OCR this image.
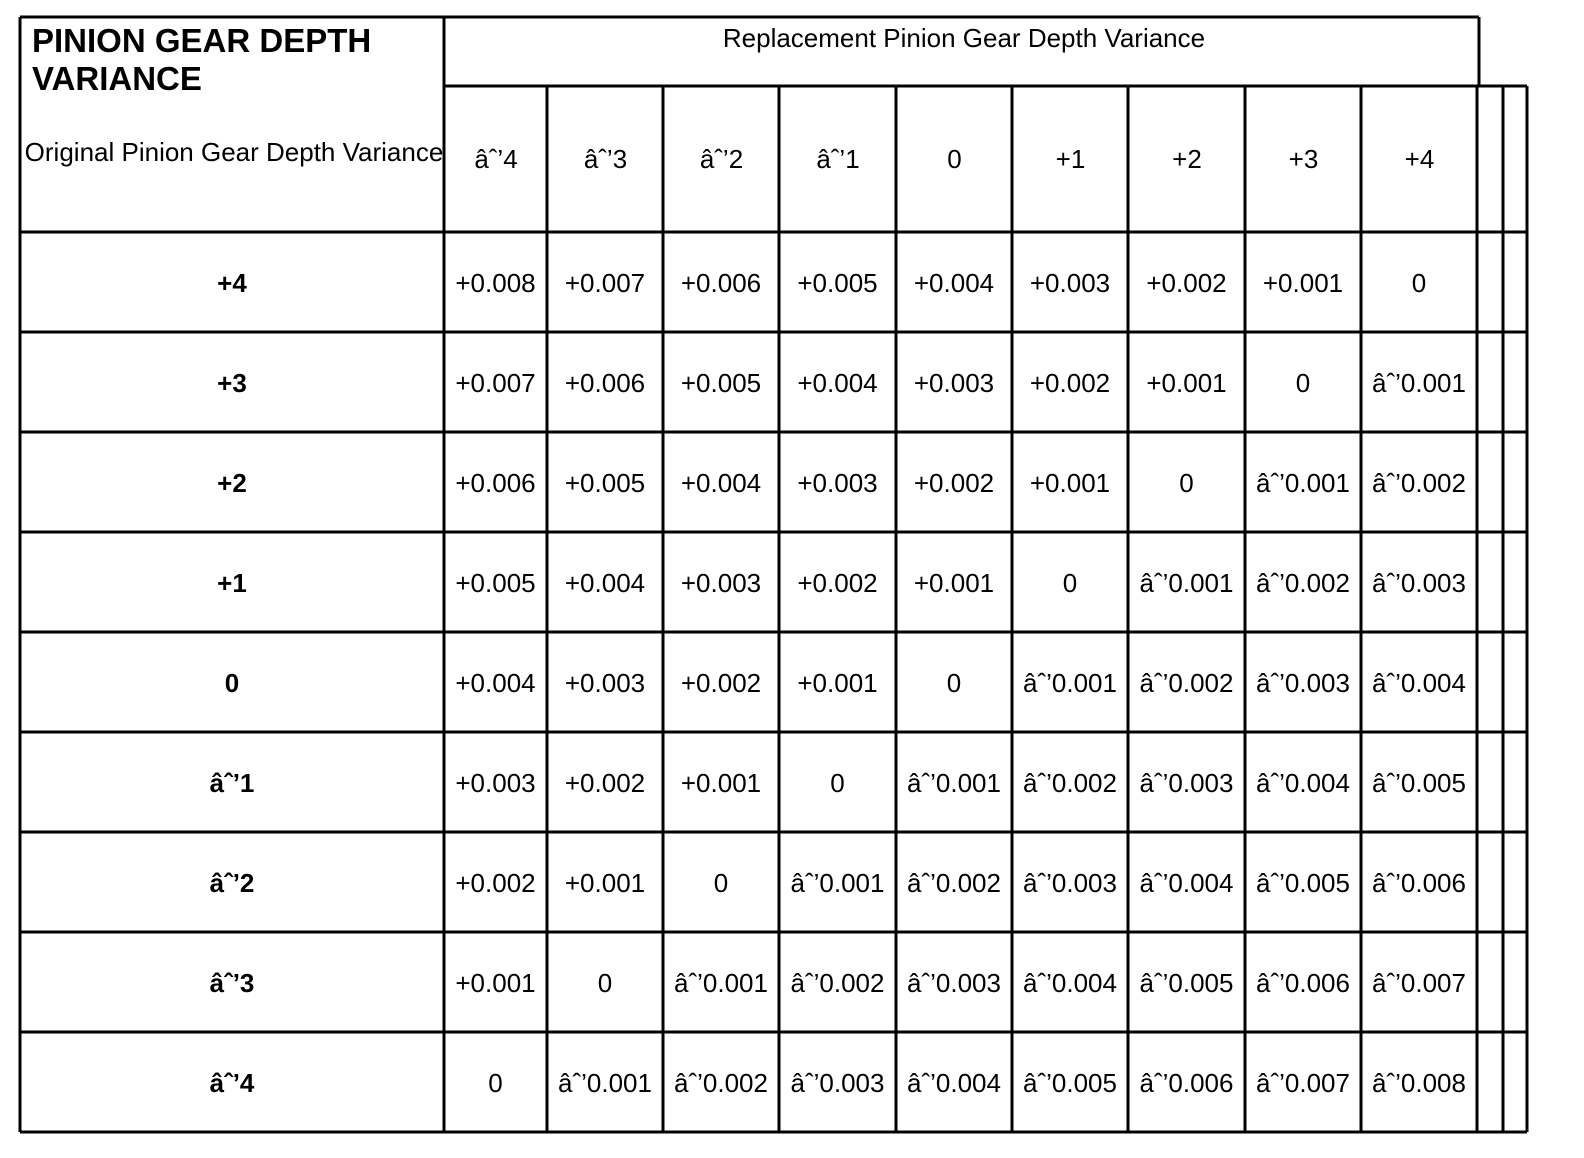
PINION GEAR DEPTH VARIANCE
Replacement Pinion Gear Depth Variance
Original Pinion Gear Depth Variance	âˆ’4	âˆ’3	âˆ’2	âˆ’1	0	+1	+2	+3	+4
+4	+0.008	+0.007	+0.006	+0.005	+0.004	+0.003	+0.002	+0.001	0
+3	+0.007	+0.006	+0.005	+0.004	+0.003	+0.002	+0.001	0	âˆ’0.001
+2	+0.006	+0.005	+0.004	+0.003	+0.002	+0.001	0	âˆ’0.001 âˆ’0.002
+1	+0.005	+0.004	+0.003	+0.002	+0.001	0	âˆ’0.001 âˆ’0.002 âˆ’0.003
0	+0.004	+0.003	+0.002	+0.001	0	âˆ’0.001 âˆ’0.002 âˆ’0.003 âˆ’0.004
âˆ’1	+0.003	+0.002	+0.001	0	âˆ’0.001 âˆ’0.002 âˆ’0.003 âˆ’0.004 âˆ’0.005
âˆ’2	+0.002	+0.001	0	âˆ’0.001 âˆ’0.002 âˆ’0.003 âˆ’0.004 âˆ’0.005 âˆ’0.006
âˆ’3	+0.001	0	âˆ’0.001 âˆ’0.002 âˆ’0.003 âˆ’0.004 âˆ’0.005 âˆ’0.006 âˆ’0.007
âˆ’4	0	âˆ’0.001 âˆ’0.002 âˆ’0.003 âˆ’0.004 âˆ’0.005 âˆ’0.006 âˆ’0.007 âˆ’0.008
